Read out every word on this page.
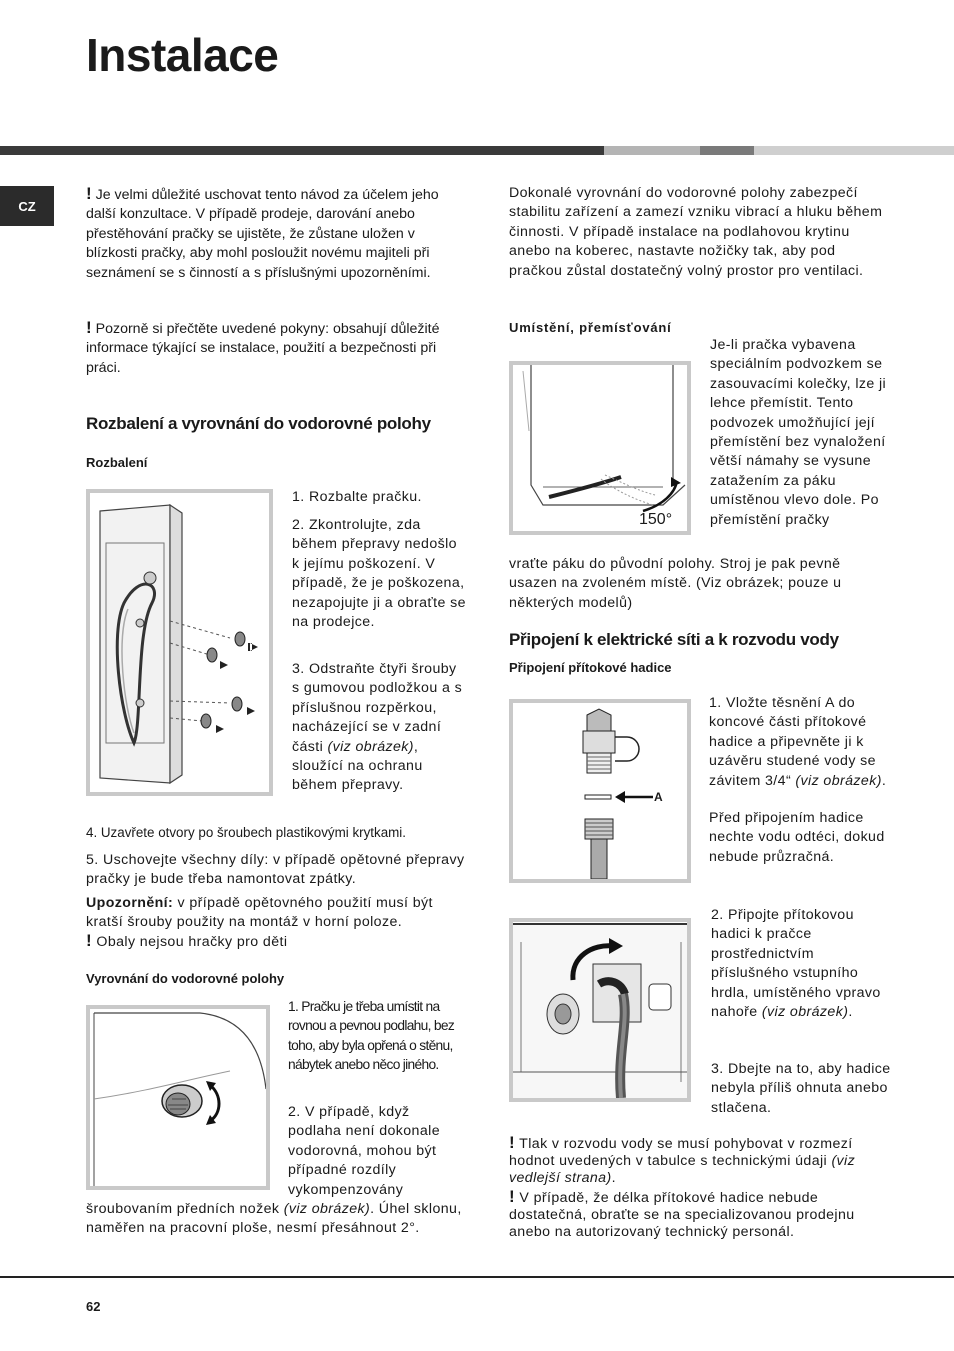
Instalace
CZ
! Je velmi důležité uschovat tento návod za účelem jeho další konzultace. V případě prodeje, darování anebo přestěhování pračky se ujistěte, že zůstane uložen v blízkosti pračky, aby mohl posloužit novému majiteli při seznámení se s činností a s příslušnými upozorněními.
! Pozorně si přečtěte uvedené pokyny: obsahují důležité informace týkající se instalace, použití a bezpečnosti při práci.
Rozbalení a vyrovnání do vodorovné polohy
Rozbalení

1. Rozbalte pračku.

2. Zkontrolujte, zda během přepravy nedošlo k jejímu poškození. V případě, že je poškozena, nezapojujte ji a obraťte se na prodejce.

3. Odstraňte čtyři šrouby s gumovou podložkou a s příslušnou rozpěrkou, nacházející se v zadní části (viz obrázek), sloužící na ochranu během přepravy.

4. Uzavřete otvory po šroubech plastikovými krytkami.

5. Uschovejte všechny díly: v případě opětovné přepravy pračky je bude třeba namontovat zpátky.

Upozornění: v případě opětovného použití musí být kratší šrouby použity na montáž v horní poloze.

! Obaly nejsou hračky pro děti
Vyrovnání do vodorovné polohy

1. Pračku je třeba umístit na rovnou a pevnou podlahu, bez toho, aby byla opřená o stěnu, nábytek anebo něco jiného.

2. V případě, když podlaha není dokonale vodorovná, mohou být případné rozdíly vykompenzovány

šroubovaním předních nožek (viz obrázek). Úhel sklonu, naměřen na pracovní ploše, nesmí přesáhnout 2°.

Dokonalé vyrovnání do vodorovné polohy zabezpečí stabilitu zařízení a zamezí vzniku vibrací a hluku během činnosti. V případě instalace na podlahovou krytinu anebo na koberec, nastavte nožičky tak, aby pod pračkou zůstal dostatečný volný prostor pro ventilaci.

Umístění, přemísťování
150°

Je-li pračka vybavena speciálním podvozkem se zasouvacími kolečky, lze ji lehce přemístit. Tento podvozek umožňující její přemístění bez vynaložení větší námahy se vysune zatažením za páku umístěnou vlevo dole. Po přemístění pračky

vraťte páku do původní polohy. Stroj je pak pevně usazen na zvoleném místě. (Viz obrázek; pouze u některých modelů)

Připojení k elektrické síti a k rozvodu vody
Připojení přítokové hadice
A

1. Vložte těsnění A do koncové části přítokové hadice a připevněte ji k uzávěru studené vody se závitem 3/4“ (viz obrázek).

Před připojením hadice nechte vodu odtéci, dokud nebude průzračná.

2. Připojte přítokovou hadici k pračce prostřednictvím příslušného vstupního hrdla, umístěného vpravo nahoře (viz obrázek).

3. Dbejte na to, aby hadice nebyla příliš ohnuta anebo stlačena.

! Tlak v rozvodu vody se musí pohybovat v rozmezí hodnot uvedených v tabulce s technickými údaji (viz vedlejší strana).
! V případě, že délka přítokové hadice nebude dostatečná, obraťte se na specializovanou prodejnu anebo na autorizovaný technický personál.
62
